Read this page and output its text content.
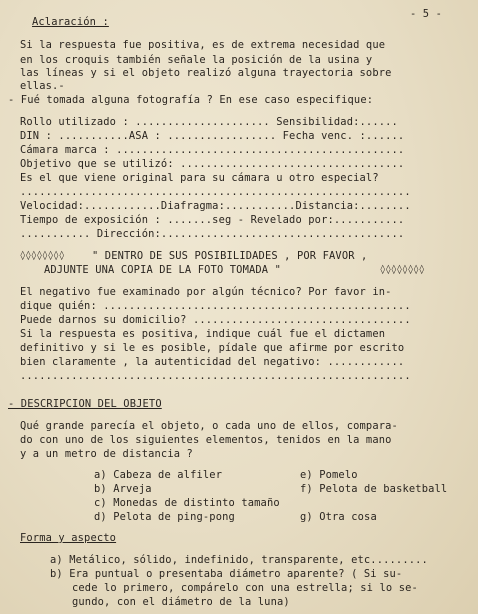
- 5 -
Aclaración :
Si la respuesta fue positiva, es de extrema necesidad que
en los croquis también señale la posición de la usina y
las líneas y si el objeto realizó alguna trayectoria sobre
ellas.-
- Fué tomada alguna fotografía ? En ese caso especifique:
Rollo utilizado : ..................... Sensibilidad:......
DIN : ...........ASA : ................. Fecha venc. :......
Cámara marca : .............................................
Objetivo que se utilizó: ...................................
Es el que viene original para su cámara u otro especial?
.............................................................
Velocidad:............Diafragma:...........Distancia:........
Tiempo de exposición : .......seg - Revelado por:...........
........... Dirección:......................................
◊◊◊◊◊◊◊◊	" DENTRO DE SUS POSIBILIDADES , POR FAVOR ,
ADJUNTE UNA COPIA DE LA FOTO TOMADA "	◊◊◊◊◊◊◊◊
El negativo fue examinado por algún técnico? Por favor in-
dique quién: ................................................
Puede darnos su domicilio? ..................................
Si la respuesta es positiva, indique cuál fue el dictamen
definitivo y si le es posible, pídale que afirme por escrito
bien claramente , la autenticidad del negativo: ............
.............................................................
- DESCRIPCION DEL OBJETO
Qué grande parecía el objeto, o cada uno de ellos, compara-
do con uno de los siguientes elementos, tenidos en la mano
y a un metro de distancia ?
a) Cabeza de alfiler	e) Pomelo
b) Arveja	f) Pelota de basketball
c) Monedas de distinto tamaño
d) Pelota de ping-pong	g) Otra cosa
Forma y aspecto
a) Metálico, sólido, indefinido, transparente, etc.........
b) Era puntual o presentaba diámetro aparente? ( Si su-
cede lo primero, compárelo con una estrella; si lo se-
gundo, con el diámetro de la luna)
